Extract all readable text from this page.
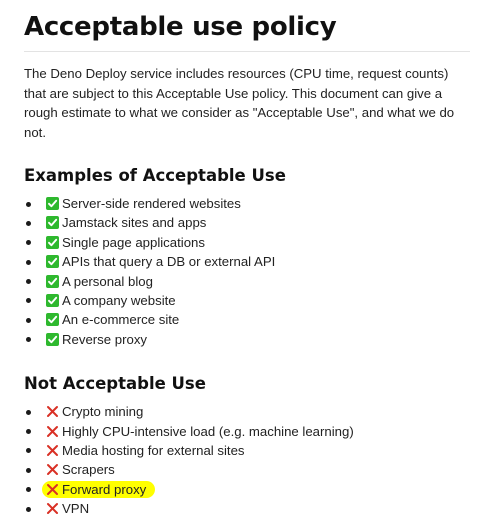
Acceptable use policy

The Deno Deploy service includes resources (CPU time, request counts) that are subject to this Acceptable Use policy. This document can give a rough estimate to what we consider as "Acceptable Use", and what we do not.

Examples of Acceptable Use
Server-side rendered websites
Jamstack sites and apps
Single page applications
APIs that query a DB or external API
A personal blog
A company website
An e-commerce site
Reverse proxy
Not Acceptable Use
Crypto mining
Highly CPU-intensive load (e.g. machine learning)
Media hosting for external sites
Scrapers
Forward proxy
VPN
